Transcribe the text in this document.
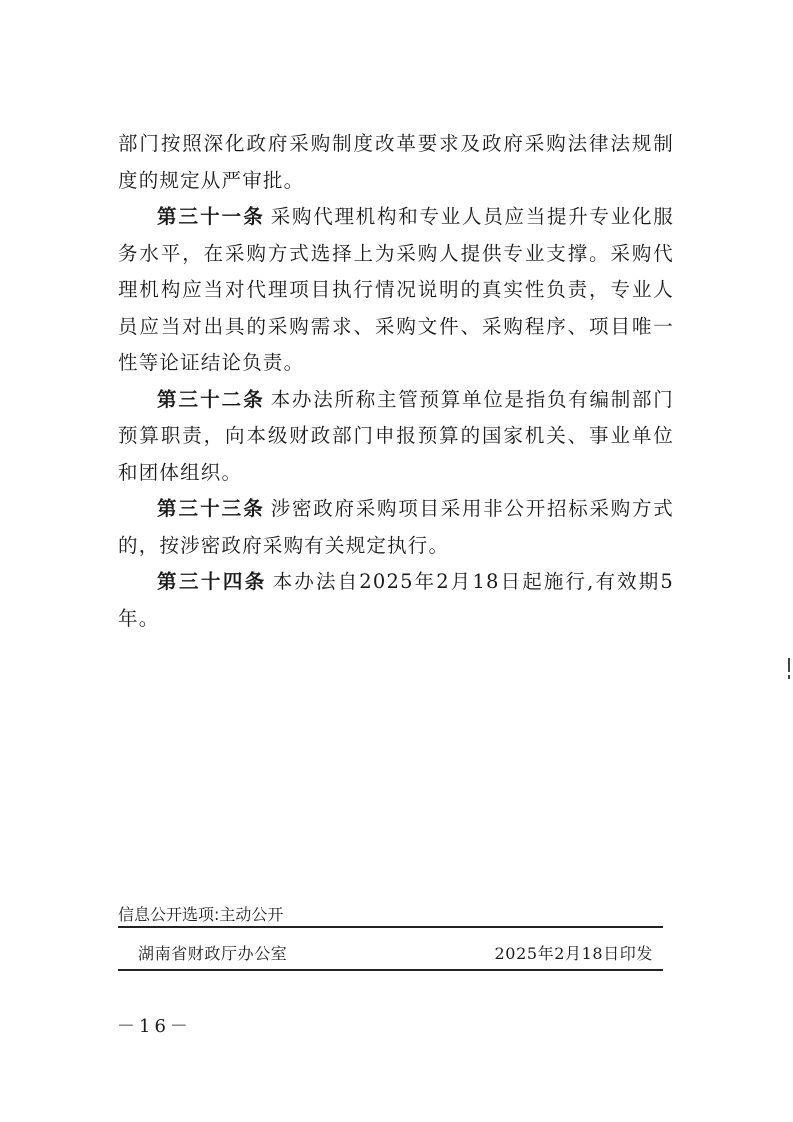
部门按照深化政府采购制度改革要求及政府采购法律法规制度的规定从严审批。

第三十一条 采购代理机构和专业人员应当提升专业化服务水平，在采购方式选择上为采购人提供专业支撑。采购代理机构应当对代理项目执行情况说明的真实性负责，专业人员应当对出具的采购需求、采购文件、采购程序、项目唯一性等论证结论负责。

第三十二条 本办法所称主管预算单位是指负有编制部门预算职责，向本级财政部门申报预算的国家机关、事业单位和团体组织。

第三十三条 涉密政府采购项目采用非公开招标采购方式的，按涉密政府采购有关规定执行。

第三十四条 本办法自2025年2月18日起施行,有效期5年。

信息公开选项:主动公开
湖南省财政厅办公室	2025年2月18日印发
－16－
